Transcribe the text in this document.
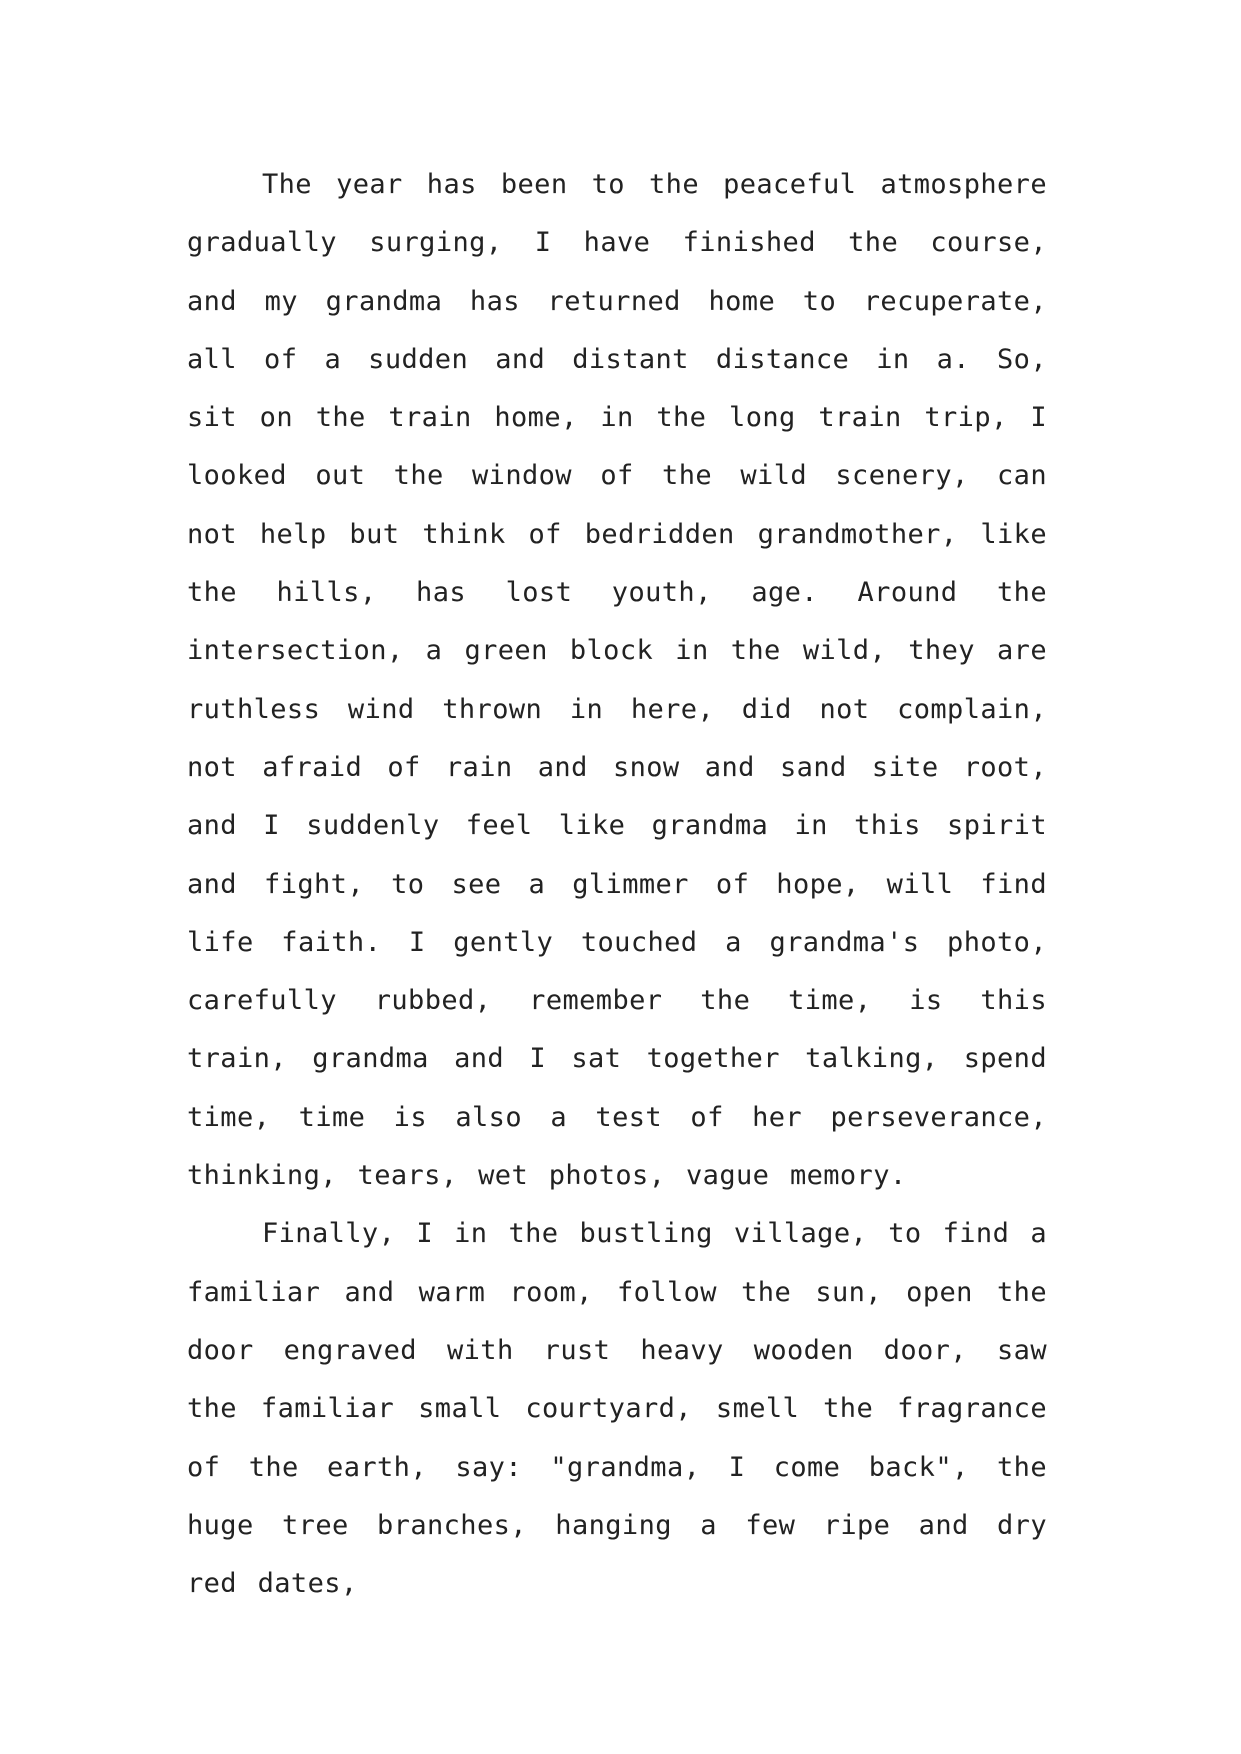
The year has been to the peaceful atmosphere gradually surging, I have finished the course, and my grandma has returned home to recuperate, all of a sudden and distant distance in a. So, sit on the train home, in the long train trip, I looked out the window of the wild scenery, can not help but think of bedridden grandmother, like the hills, has lost youth, age. Around the intersection, a green block in the wild, they are ruthless wind thrown in here, did not complain, not afraid of rain and snow and sand site root, and I suddenly feel like grandma in this spirit and fight, to see a glimmer of hope, will find life faith. I gently touched a grandma's photo, carefully rubbed, remember the time, is this train, grandma and I sat together talking, spend time, time is also a test of her perseverance, thinking, tears, wet photos, vague memory.

Finally, I in the bustling village, to find a familiar and warm room, follow the sun, open the door engraved with rust heavy wooden door, saw the familiar small courtyard, smell the fragrance of the earth, say: "grandma, I come back", the huge tree branches, hanging a few ripe and dry red dates,
